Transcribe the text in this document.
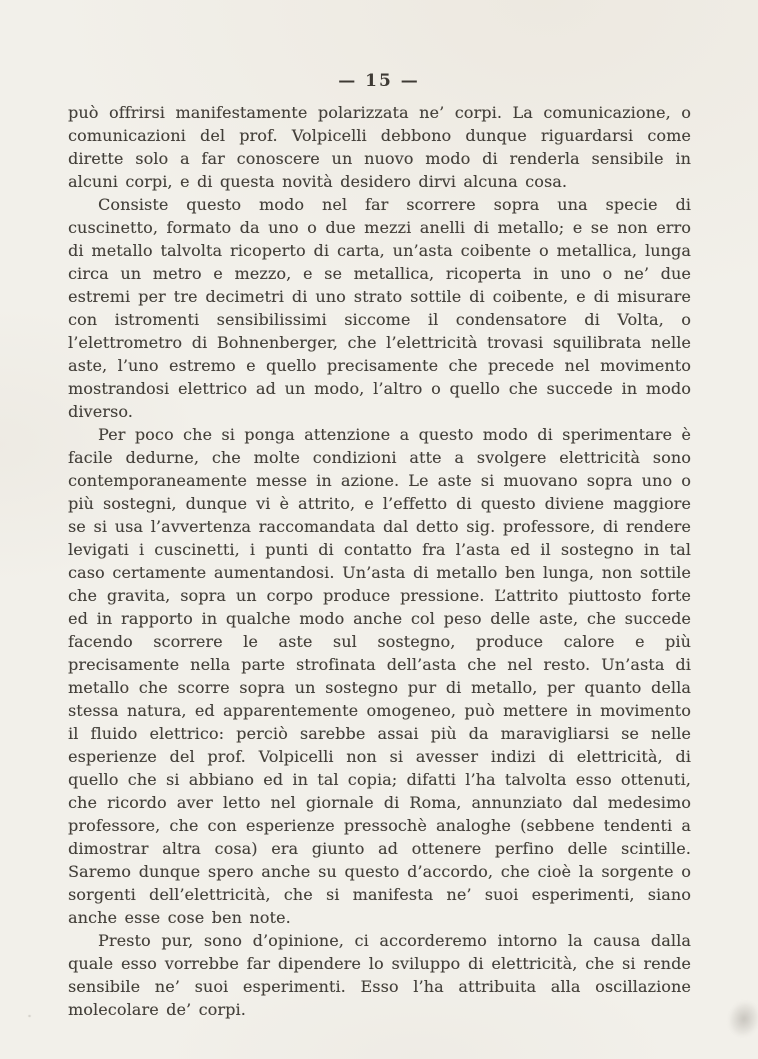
— 15 —

può offrirsi manifestamente polarizzata ne’ corpi. La comunicazione, o comunicazioni del prof. Volpicelli debbono dunque riguardarsi come dirette solo a far conoscere un nuovo modo di renderla sensibile in alcuni corpi, e di questa novità desidero dirvi alcuna cosa.

Consiste questo modo nel far scorrere sopra una specie di cuscinetto, formato da uno o due mezzi anelli di metallo; e se non erro di metallo talvolta ricoperto di carta, un’asta coibente o metallica, lunga circa un metro e mezzo, e se metallica, ricoperta in uno o ne’ due estremi per tre decimetri di uno strato sottile di coibente, e di misurare con istromenti sensibilissimi siccome il condensatore di Volta, o l’elettrometro di Bohnenberger, che l’elettricità trovasi squilibrata nelle aste, l’uno estremo e quello precisamente che precede nel movimento mostrandosi elettrico ad un modo, l’altro o quello che succede in modo diverso.

Per poco che si ponga attenzione a questo modo di sperimentare è facile dedurne, che molte condizioni atte a svolgere elettricità sono contemporaneamente messe in azione. Le aste si muovano sopra uno o più sostegni, dunque vi è attrito, e l’effetto di questo diviene maggiore se si usa l’avvertenza raccomandata dal detto sig. professore, di rendere levigati i cuscinetti, i punti di contatto fra l’asta ed il sostegno in tal caso certamente aumentandosi. Un’asta di metallo ben lunga, non sottile che gravita, sopra un corpo produce pressione. L’attrito piuttosto forte ed in rapporto in qualche modo anche col peso delle aste, che succede facendo scorrere le aste sul sostegno, produce calore e più precisamente nella parte strofinata dell’asta che nel resto. Un’asta di metallo che scorre sopra un sostegno pur di metallo, per quanto della stessa natura, ed apparentemente omogeneo, può mettere in movimento il fluido elettrico: perciò sarebbe assai più da maravigliarsi se nelle esperienze del prof. Volpicelli non si avesser indizi di elettricità, di quello che si abbiano ed in tal copia; difatti l’ha talvolta esso ottenuti, che ricordo aver letto nel giornale di Roma, annunziato dal medesimo professore, che con esperienze pressochè analoghe (sebbene tendenti a dimostrar altra cosa) era giunto ad ottenere perfino delle scintille. Saremo dunque spero anche su questo d’accordo, che cioè la sorgente o sorgenti dell’elettricità, che si manifesta ne’ suoi esperimenti, siano anche esse cose ben note.

Presto pur, sono d’opinione, ci accorderemo intorno la causa dalla quale esso vorrebbe far dipendere lo sviluppo di elettricità, che si rende sensibile ne’ suoi esperimenti. Esso l’ha attribuita alla oscillazione molecolare de’ corpi.
